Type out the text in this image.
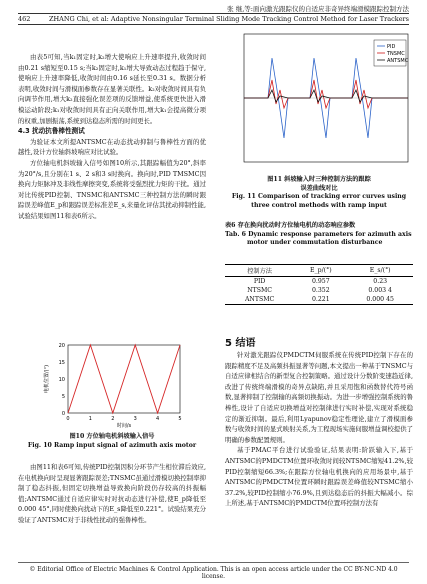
张 继,等:面向激光跟踪仪的自适应非奇异终端滑模跟踪控制方法
462	ZHANG Chi, et al: Adaptive Nonsingular Terminal Sliding Mode Tracking Control Method for Laser Trackers

由表5可知,当k₁固定时,k₂增大使响应上升速率提升,收敛时间由0.21 s缩短至0.15 s;当k₂固定时,k₁增大导致动态过程趋于保守,使响应上升速率降低,收敛时间由0.16 s延长至0.31 s。数据分析表明,收敛时间与滑模面参数存在显著关联性。k₂对收敛时间具有负向调节作用,增大k₂直接强化误差项的反馈增益,使系统更快进入滑模运动阶段;k₁对收敛时间具有正向关联作用,增大k₁会提高微分项的权重,加剧振荡,系统到达稳态所需的时间更长。

4.3 扰动抗鲁棒性测试

为验证本文所提ANTSMC在动态扰动抑制与鲁棒性方面的优越性,设计方位轴斜坡响应对比试验。

方位轴电机斜坡输入信号如图10所示,其跟踪幅值为20°,斜率为20°/s,且分别在1 s、2 s和3 s时换向。换向时,PID TMSMC因换向力矩脉冲及非线性摩擦突变,系统将受强烈扰力矩的干扰。通过对比传统PID控制、TNSMC和ANTSMC三种控制方法的瞬时跟踪误差峰值E_p和跟踪误差标准差E_s,来量化评估其扰动抑制性能,试验结果如图11和表6所示。

0
5
10
15
20
0	1	2	3	4	5
时间/s
电机位置/(°)
图10 方位轴电机斜坡输入信号
Fig. 10 Ramp input signal of azimuth axis motor

由图11和表6可知,传统PID控制因积分环节产生相位滞后效应,在电机换向时呈现显著跟踪误差;TNSMC虽通过滑模切换控制率抑制了稳态抖振,但固定切换增益导致换向阶段仍存较高的抖振幅值;ANTSMC通过自适应律实时对抗动态进行补偿,使E_p降低至0.000 45°,同时使换向扰动下的E_s降低至0.221°。试验结果充分验证了ANTSMC对于非线性扰动的强鲁棒性。

PID
TNSMC
ANTSMC
图11 斜坡输入时三种控制方法的跟踪
误差曲线对比
Fig. 11 Comparison of tracking error curves using
three control methods with ramp input
表6 存在换向扰动时方位轴电机的动态响应参数
Tab. 6 Dynamic response parameters for azimuth axis
motor under commutation disturbance
控制方法	E_p/(°)	E_s/(°)
PID	0.957	0.23
NTSMC	0.352	0.003 4
ANTSMC	0.221	0.000 45
5 结语

针对激光跟踪仪PMDCTM伺服系统在传统PID控制下存在的跟踪精度不足及高频抖振显著等问题,本文提出一种基于TNSMC与自适应律相结合的新型复合控制策略。通过设计分数阶变速趋近律,改进了传统终端滑模的奇异点缺陷,并且采用饱和函数替代符号函数,显著抑制了控制输的高频切换振动。为进一步增强控制系统的鲁棒性,设计了自适应切换增益对控制律进行实时补偿,实现对系统稳定的渐近抑制。最后,利用Lyapunov稳定性理论,建立了滑模面参数与收敛时间的显式映射关系,为工程现场实施伺服增益调校提供了明确的参数配置规则。

基于PMAC平台进行试验验证,结果表明:阶跃输入下,基于ANTSMC的PMDCTM位置环收敛时间较NTSMC缩短41.2%,较PID控制缩短66.3%;在跟踪方位轴电机换向的应用场景中,基于ANTSMC的PMDCTM位置环瞬时跟踪误差峰值较NTSMC缩小37.2%,较PID控制缩小76.9%,且到达稳态后的抖振大幅减小。综上所述,基于ANTSMC的PMDCTM位置环控制方法有

© Editorial Office of Electric Machines & Control Application. This is an open access article under the CC BY-NC-ND 4.0 license.
